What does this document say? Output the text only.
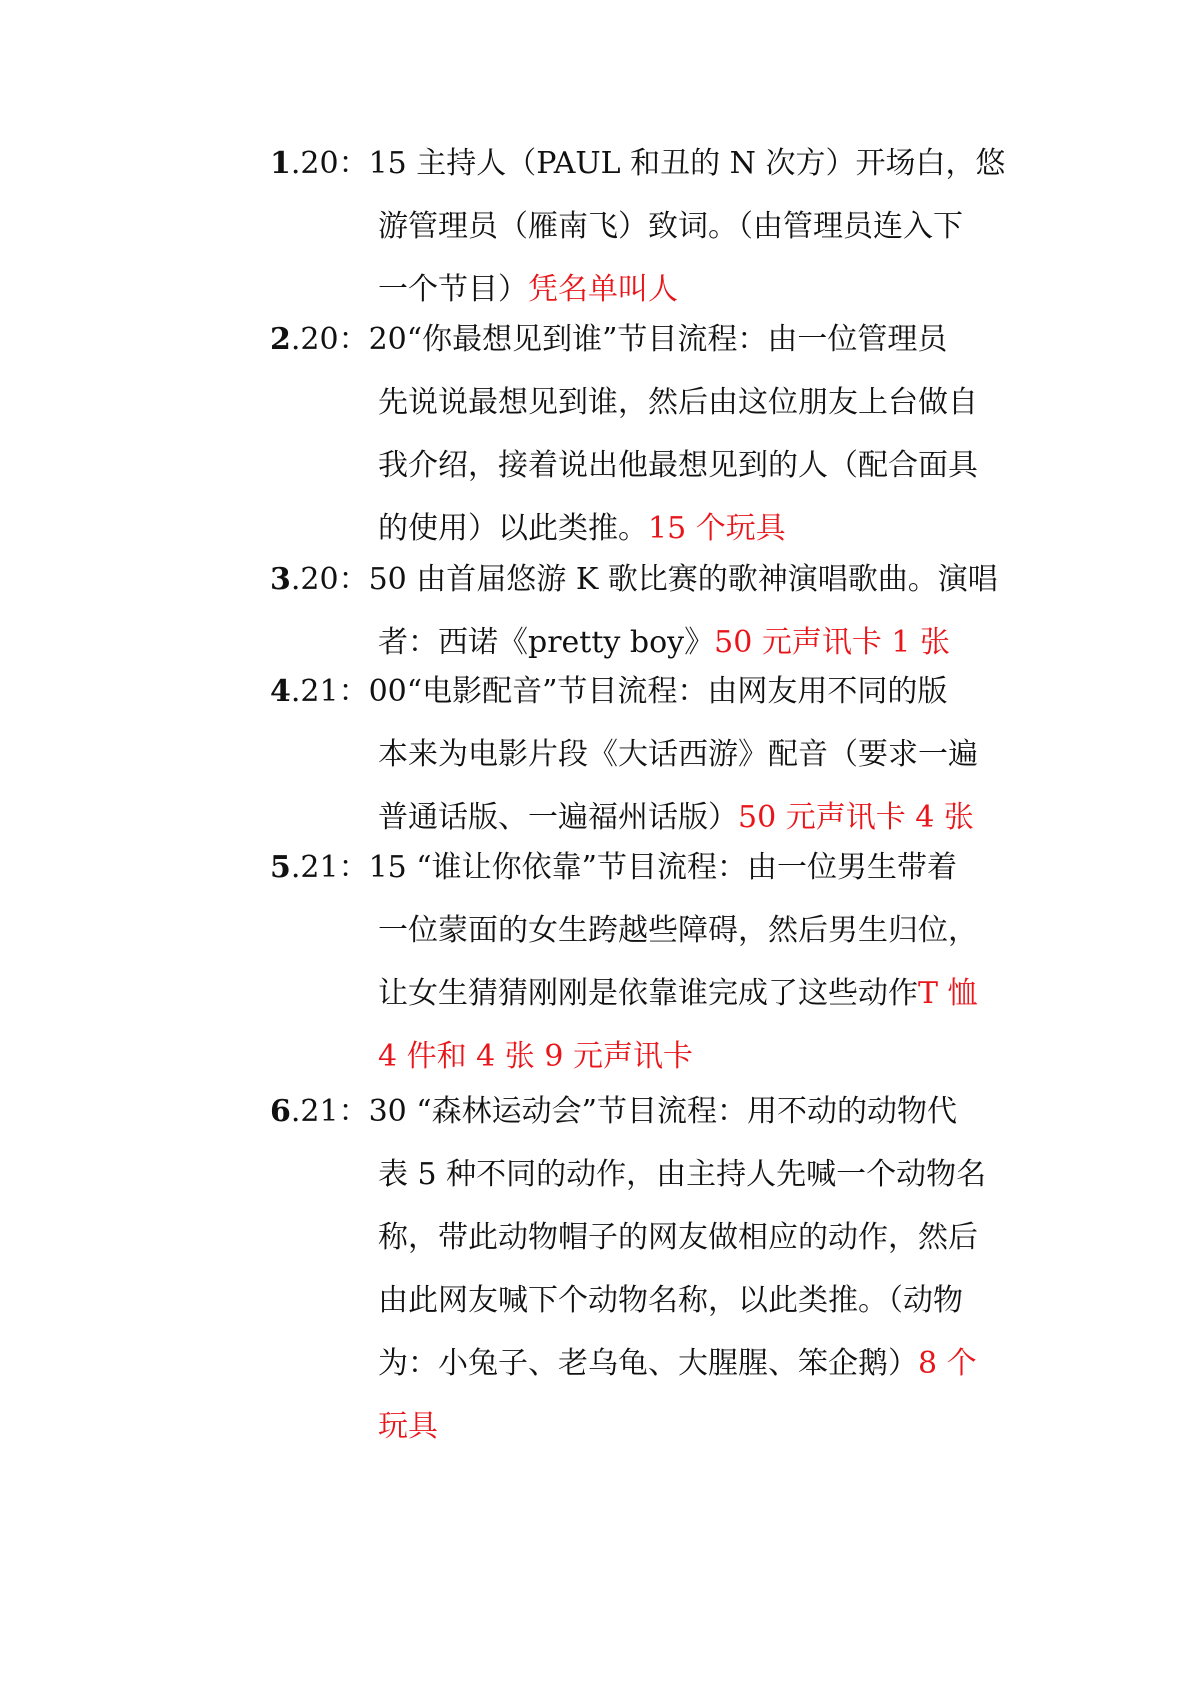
1.20：15 主持人（PAUL 和丑的 N 次方）开场白，悠
游管理员（雁南飞）致词。（由管理员连入下
一个节目）凭名单叫人
2.20：20“你最想见到谁”节目流程：由一位管理员
先说说最想见到谁，然后由这位朋友上台做自
我介绍，接着说出他最想见到的人（配合面具
的使用）以此类推。15 个玩具
3.20：50 由首届悠游 K 歌比赛的歌神演唱歌曲。演唱
者：西诺《pretty boy》50 元声讯卡 1 张
4.21：00“电影配音”节目流程：由网友用不同的版
本来为电影片段《大话西游》配音（要求一遍
普通话版、一遍福州话版）50 元声讯卡 4 张
5.21：15 “谁让你依靠”节目流程：由一位男生带着
一位蒙面的女生跨越些障碍，然后男生归位，
让女生猜猜刚刚是依靠谁完成了这些动作T 恤
4 件和 4 张 9 元声讯卡
6.21：30 “森林运动会”节目流程：用不动的动物代
表 5 种不同的动作，由主持人先喊一个动物名
称，带此动物帽子的网友做相应的动作，然后
由此网友喊下个动物名称，以此类推。（动物
为：小兔子、老乌龟、大腥腥、笨企鹅）8 个
玩具
